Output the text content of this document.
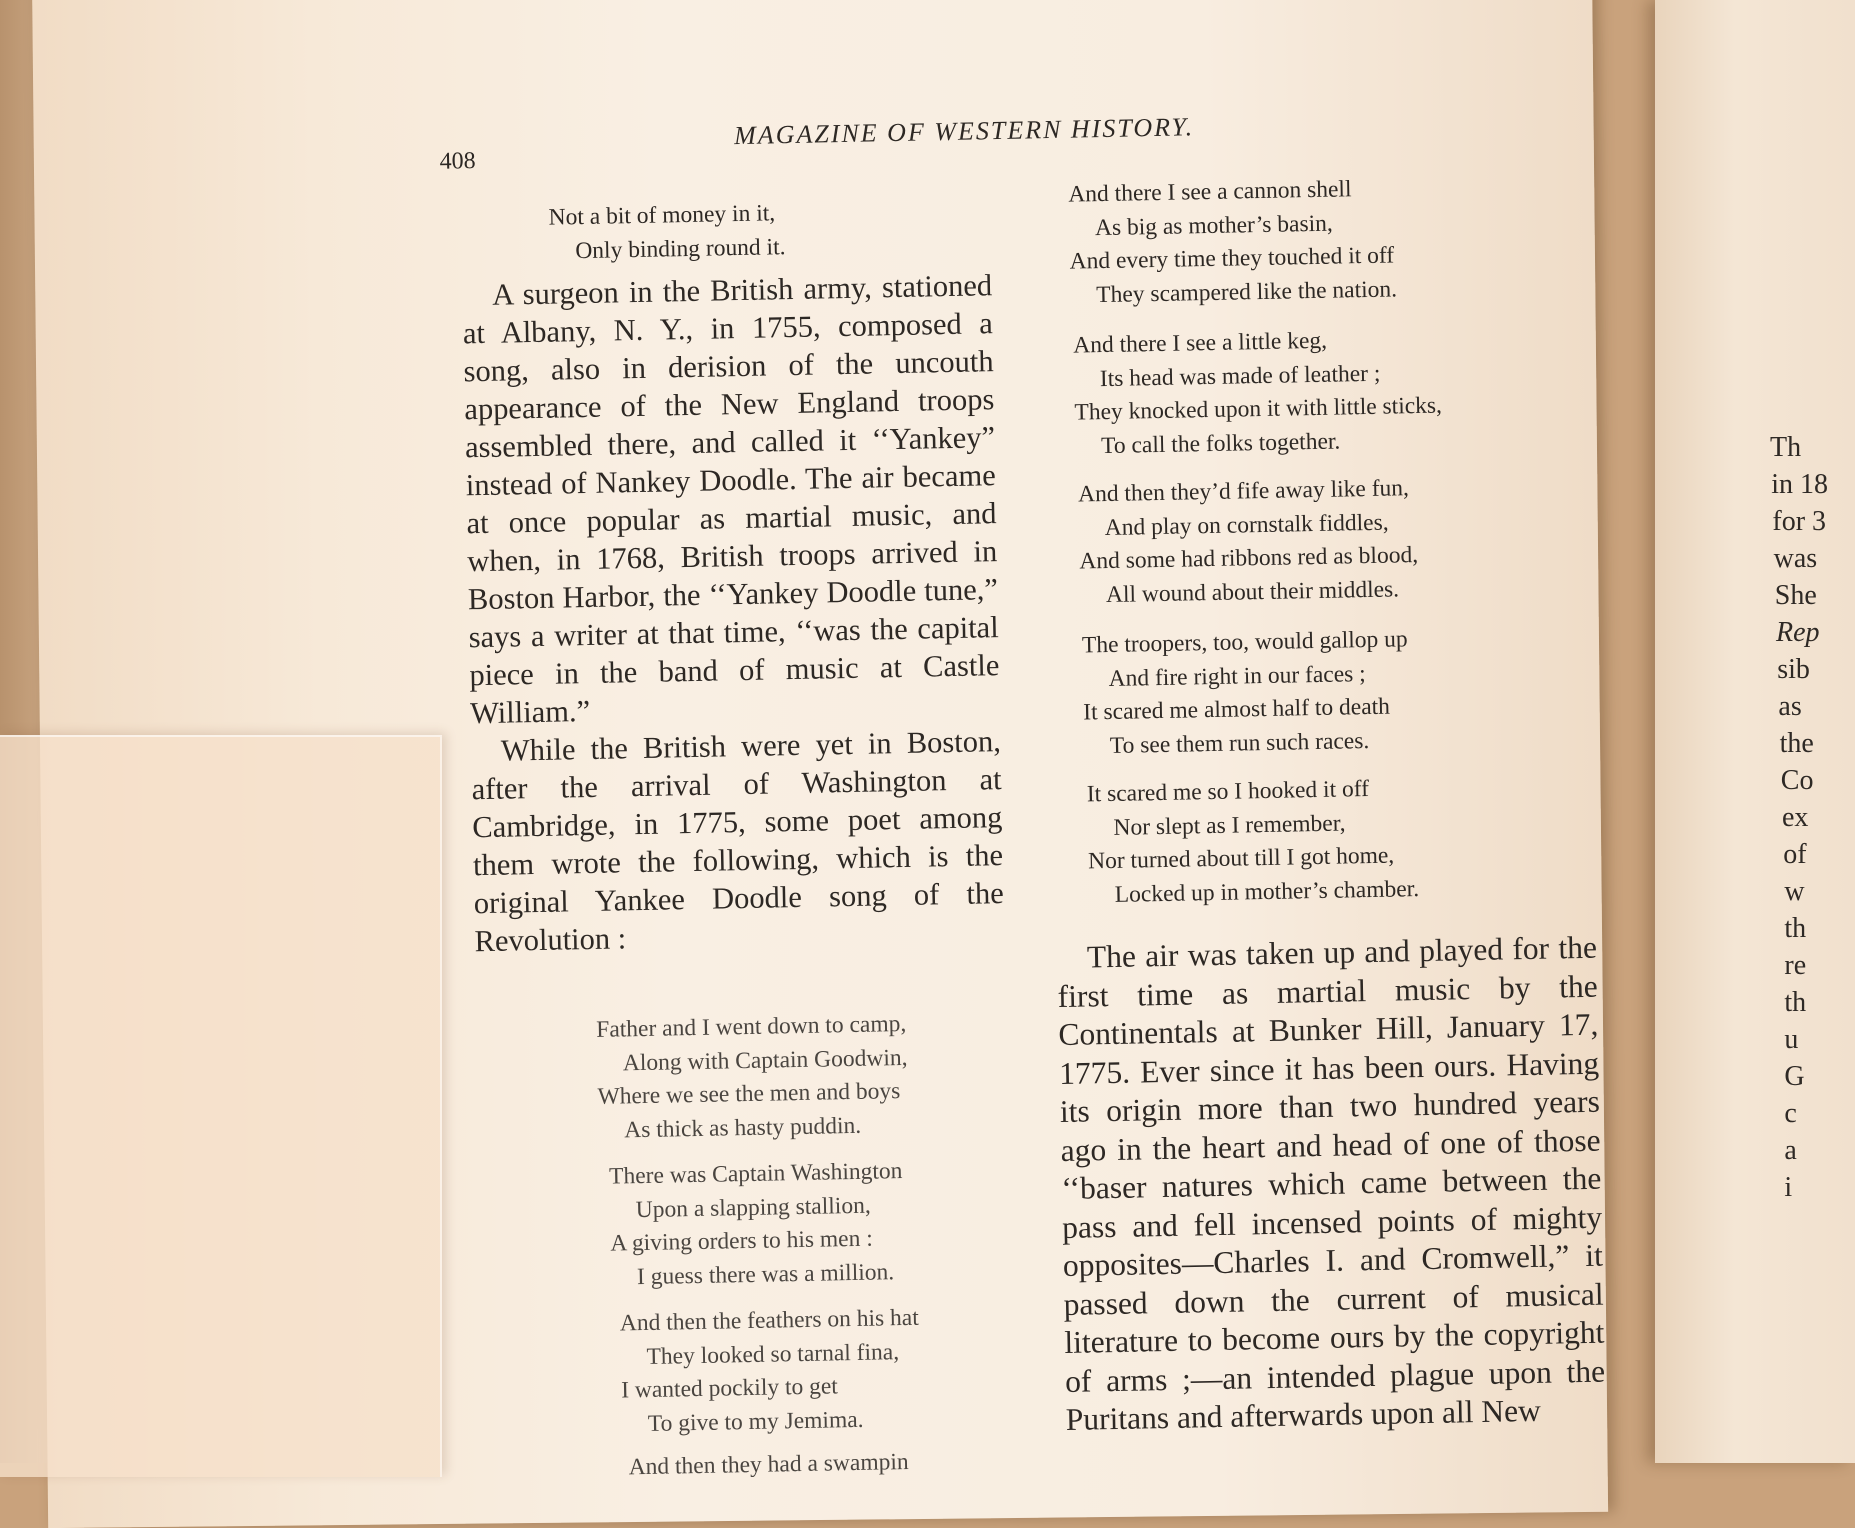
Th
in 18
for 3
was
She
Rep
sib
as
the
Co
ex
of
w
th
re
th
u
G
c
a
i
408
MAGAZINE OF WESTERN HISTORY.
Not a bit of money in it,
Only binding round it.

A surgeon in the British army, stationed at Albany, N. Y., in 1755, composed a song, also in derision of the uncouth appearance of the New England troops assembled there, and called it ‘‘Yankey” instead of Nankey Doodle. The air became at once popular as martial music, and when, in 1768, British troops arrived in Boston Harbor, the ‘‘Yankey Doodle tune,” says a writer at that time, ‘‘was the capital piece in the band of music at Castle William.”

While the British were yet in Boston, after the arrival of Washington at Cambridge, in 1775, some poet among them wrote the following, which is the original Yankee Doodle song of the Revolution :

Father and I went down to camp,
Along with Captain Goodwin,
Where we see the men and boys
As thick as hasty puddin.
There was Captain Washington
Upon a slapping stallion,
A giving orders to his men :
I guess there was a million.
And then the feathers on his hat
They looked so tarnal fina,
I wanted pockily to get
To give to my Jemima.
And then they had a swampin
And there I see a cannon shell
As big as mother’s basin,
And every time they touched it off
They scampered like the nation.
And there I see a little keg,
Its head was made of leather ;
They knocked upon it with little sticks,
To call the folks together.
And then they’d fife away like fun,
And play on cornstalk fiddles,
And some had ribbons red as blood,
All wound about their middles.
The troopers, too, would gallop up
And fire right in our faces ;
It scared me almost half to death
To see them run such races.
It scared me so I hooked it off
Nor slept as I remember,
Nor turned about till I got home,
Locked up in mother’s chamber.

The air was taken up and played for the first time as martial music by the Continentals at Bunker Hill, January 17, 1775. Ever since it has been ours. Having its origin more than two hundred years ago in the heart and head of one of those ‘‘baser natures which came between the pass and fell incensed points of mighty opposites—Charles I. and Cromwell,” it passed down the current of musical literature to become ours by the copyright of arms ;—an intended plague upon the Puritans and afterwards upon all New
